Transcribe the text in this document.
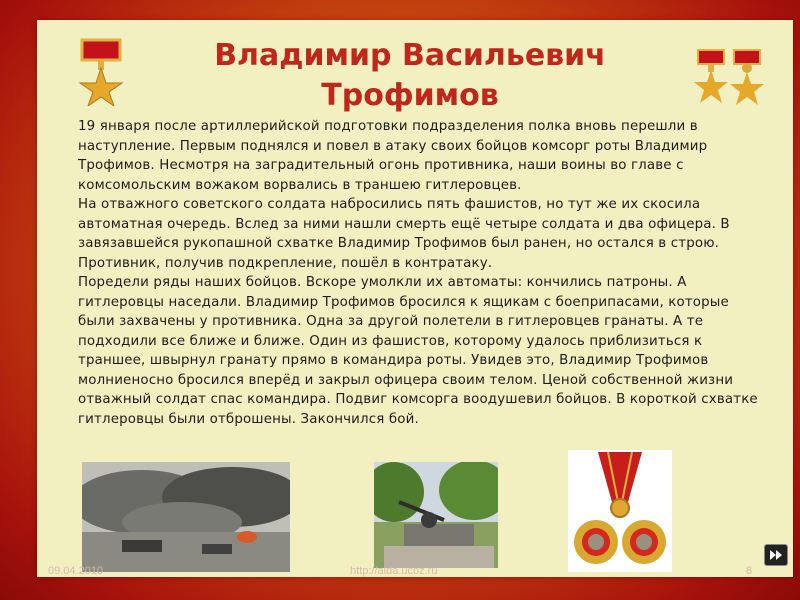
Владимир Васильевич
Трофимов

19 января после артиллерийской подготовки подразделения полка вновь перешли в наступление. Первым поднялся и повел в атаку своих бойцов комсорг роты Владимир Трофимов. Несмотря на заградительный огонь противника, наши воины во главе с комсомольским вожаком ворвались в траншею гитлеровцев.

На отважного советского солдата набросились пять фашистов, но тут же их скосила автоматная очередь. Вслед за ними нашли смерть ещё четыре солдата и два офицера. В завязавшейся рукопашной схватке Владимир Трофимов был ранен, но остался в строю. Противник, получив подкрепление, пошёл в контратаку.

Поредели ряды наших бойцов. Вскоре умолкли их автоматы: кончились патроны. А гитлеровцы наседали. Владимир Трофимов бросился к ящикам с боеприпасами, которые были захвачены у противника. Одна за другой полетели в гитлеровцев гранаты. А те подходили все ближе и ближе. Один из фашистов, которому удалось приблизиться к траншее, швырнул гранату прямо в командира роты. Увидев это, Владимир Трофимов молниеносно бросился вперёд и закрыл офицера своим телом. Ценой собственной жизни отважный солдат спас командира. Подвиг комсорга воодушевил бойцов. В короткой схватке гитлеровцы были отброшены. Закончился бой.

09.04.2010	http://aida.ucoz.ru	8
